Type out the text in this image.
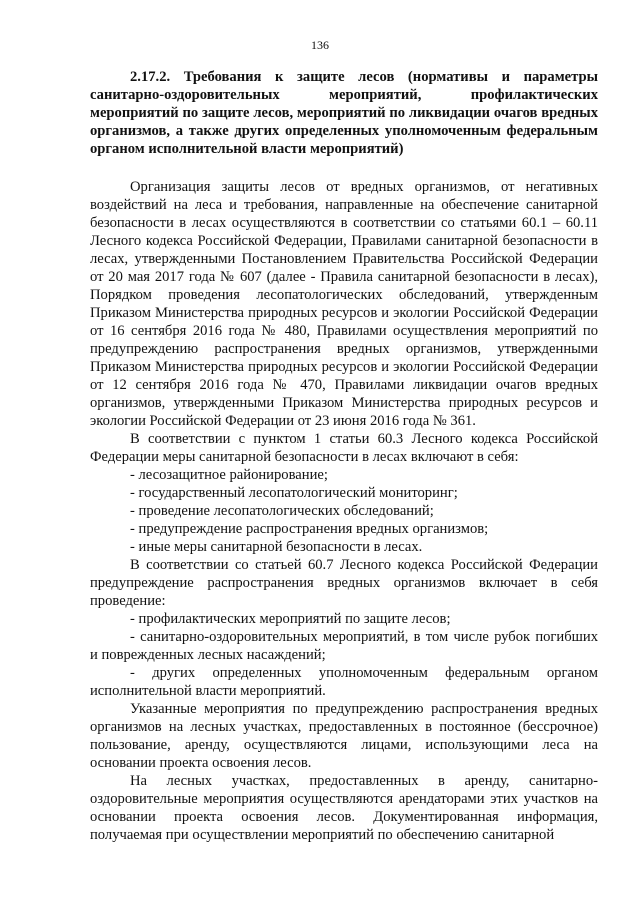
136

2.17.2. Требования к защите лесов (нормативы и параметры санитарно-оздоровительных мероприятий, профилактических мероприятий по защите лесов, мероприятий по ликвидации очагов вредных организмов, а также других определенных уполномоченным федеральным органом исполнительной власти мероприятий)

Организация защиты лесов от вредных организмов, от негативных воздействий на леса и требования, направленные на обеспечение санитарной безопасности в лесах осуществляются в соответствии со статьями 60.1 – 60.11 Лесного кодекса Российской Федерации, Правилами санитарной безопасности в лесах, утвержденными Постановлением Правительства Российской Федерации от 20 мая 2017 года № 607 (далее - Правила санитарной безопасности в лесах), Порядком проведения лесопатологических обследований, утвержденным Приказом Министерства природных ресурсов и экологии Российской Федерации от 16 сентября 2016 года № 480, Правилами осуществления мероприятий по предупреждению распространения вредных организмов, утвержденными Приказом Министерства природных ресурсов и экологии Российской Федерации от 12 сентября 2016 года № 470, Правилами ликвидации очагов вредных организмов, утвержденными Приказом Министерства природных ресурсов и экологии Российской Федерации от 23 июня 2016 года № 361.

В соответствии с пунктом 1 статьи 60.3 Лесного кодекса Российской Федерации меры санитарной безопасности в лесах включают в себя:

- лесозащитное районирование;

- государственный лесопатологический мониторинг;

- проведение лесопатологических обследований;

- предупреждение распространения вредных организмов;

- иные меры санитарной безопасности в лесах.

В соответствии со статьей 60.7 Лесного кодекса Российской Федерации предупреждение распространения вредных организмов включает в себя проведение:

- профилактических мероприятий по защите лесов;

- санитарно-оздоровительных мероприятий, в том числе рубок погибших и поврежденных лесных насаждений;

- других определенных уполномоченным федеральным органом исполнительной власти мероприятий.

Указанные мероприятия по предупреждению распространения вредных организмов на лесных участках, предоставленных в постоянное (бессрочное) пользование, аренду, осуществляются лицами, использующими леса на основании проекта освоения лесов.

На лесных участках, предоставленных в аренду, санитарно-оздоровительные мероприятия осуществляются арендаторами этих участков на основании проекта освоения лесов. Документированная информация, получаемая при осуществлении мероприятий по обеспечению санитарной
